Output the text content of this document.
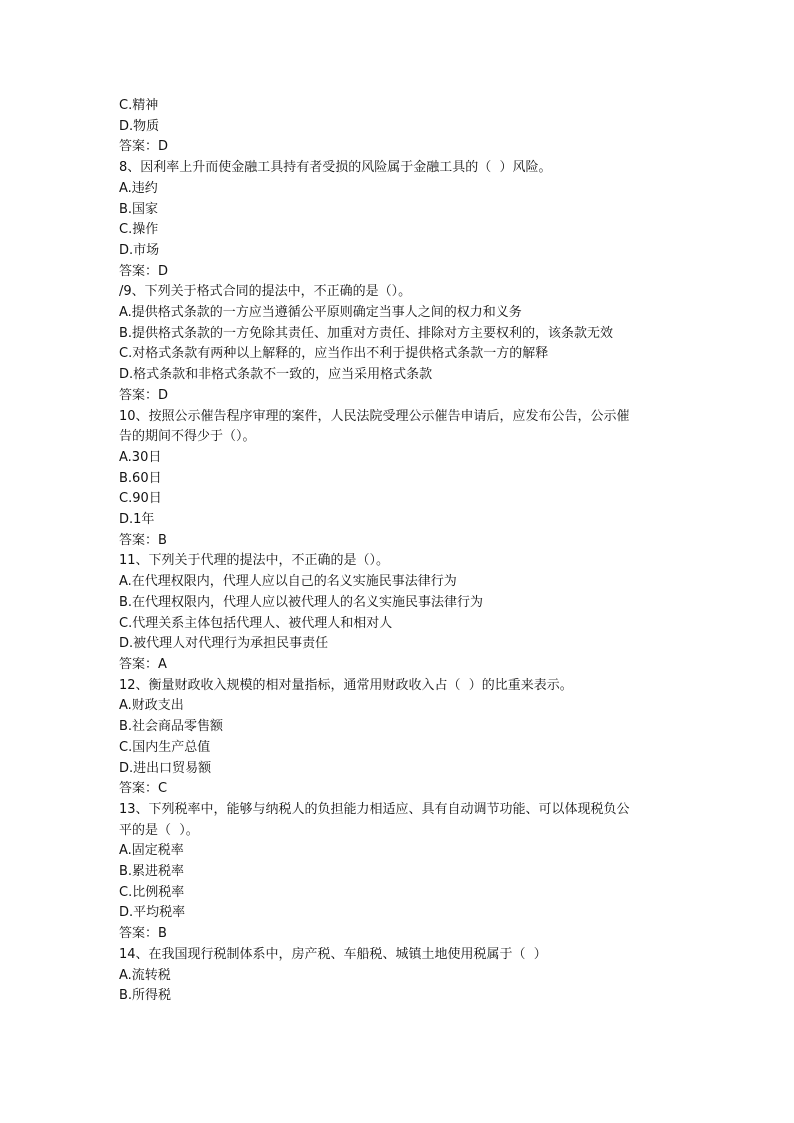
C.精神

D.物质

答案：D

8、因利率上升而使金融工具持有者受损的风险属于金融工具的（  ）风险。

A.违约

B.国家

C.操作

D.市场

答案：D

/9、下列关于格式合同的提法中，不正确的是（）。

A.提供格式条款的一方应当遵循公平原则确定当事人之间的权力和义务

B.提供格式条款的一方免除其责任、加重对方责任、排除对方主要权利的，该条款无效

C.对格式条款有两种以上解释的，应当作出不利于提供格式条款一方的解释

D.格式条款和非格式条款不一致的，应当采用格式条款

答案：D

10、按照公示催告程序审理的案件，人民法院受理公示催告申请后，应发布公告，公示催

告的期间不得少于（）。

A.30日

B.60日

C.90日

D.1年

答案：B

11、下列关于代理的提法中，不正确的是（）。

A.在代理权限内，代理人应以自己的名义实施民事法律行为

B.在代理权限内，代理人应以被代理人的名义实施民事法律行为

C.代理关系主体包括代理人、被代理人和相对人

D.被代理人对代理行为承担民事责任

答案：A

12、衡量财政收入规模的相对量指标，通常用财政收入占（  ）的比重来表示。

A.财政支出

B.社会商品零售额

C.国内生产总值

D.进出口贸易额

答案：C

13、下列税率中，能够与纳税人的负担能力相适应、具有自动调节功能、可以体现税负公

平的是（  ）。

A.固定税率

B.累进税率

C.比例税率

D.平均税率

答案：B

14、在我国现行税制体系中，房产税、车船税、城镇土地使用税属于（  ）

A.流转税

B.所得税
